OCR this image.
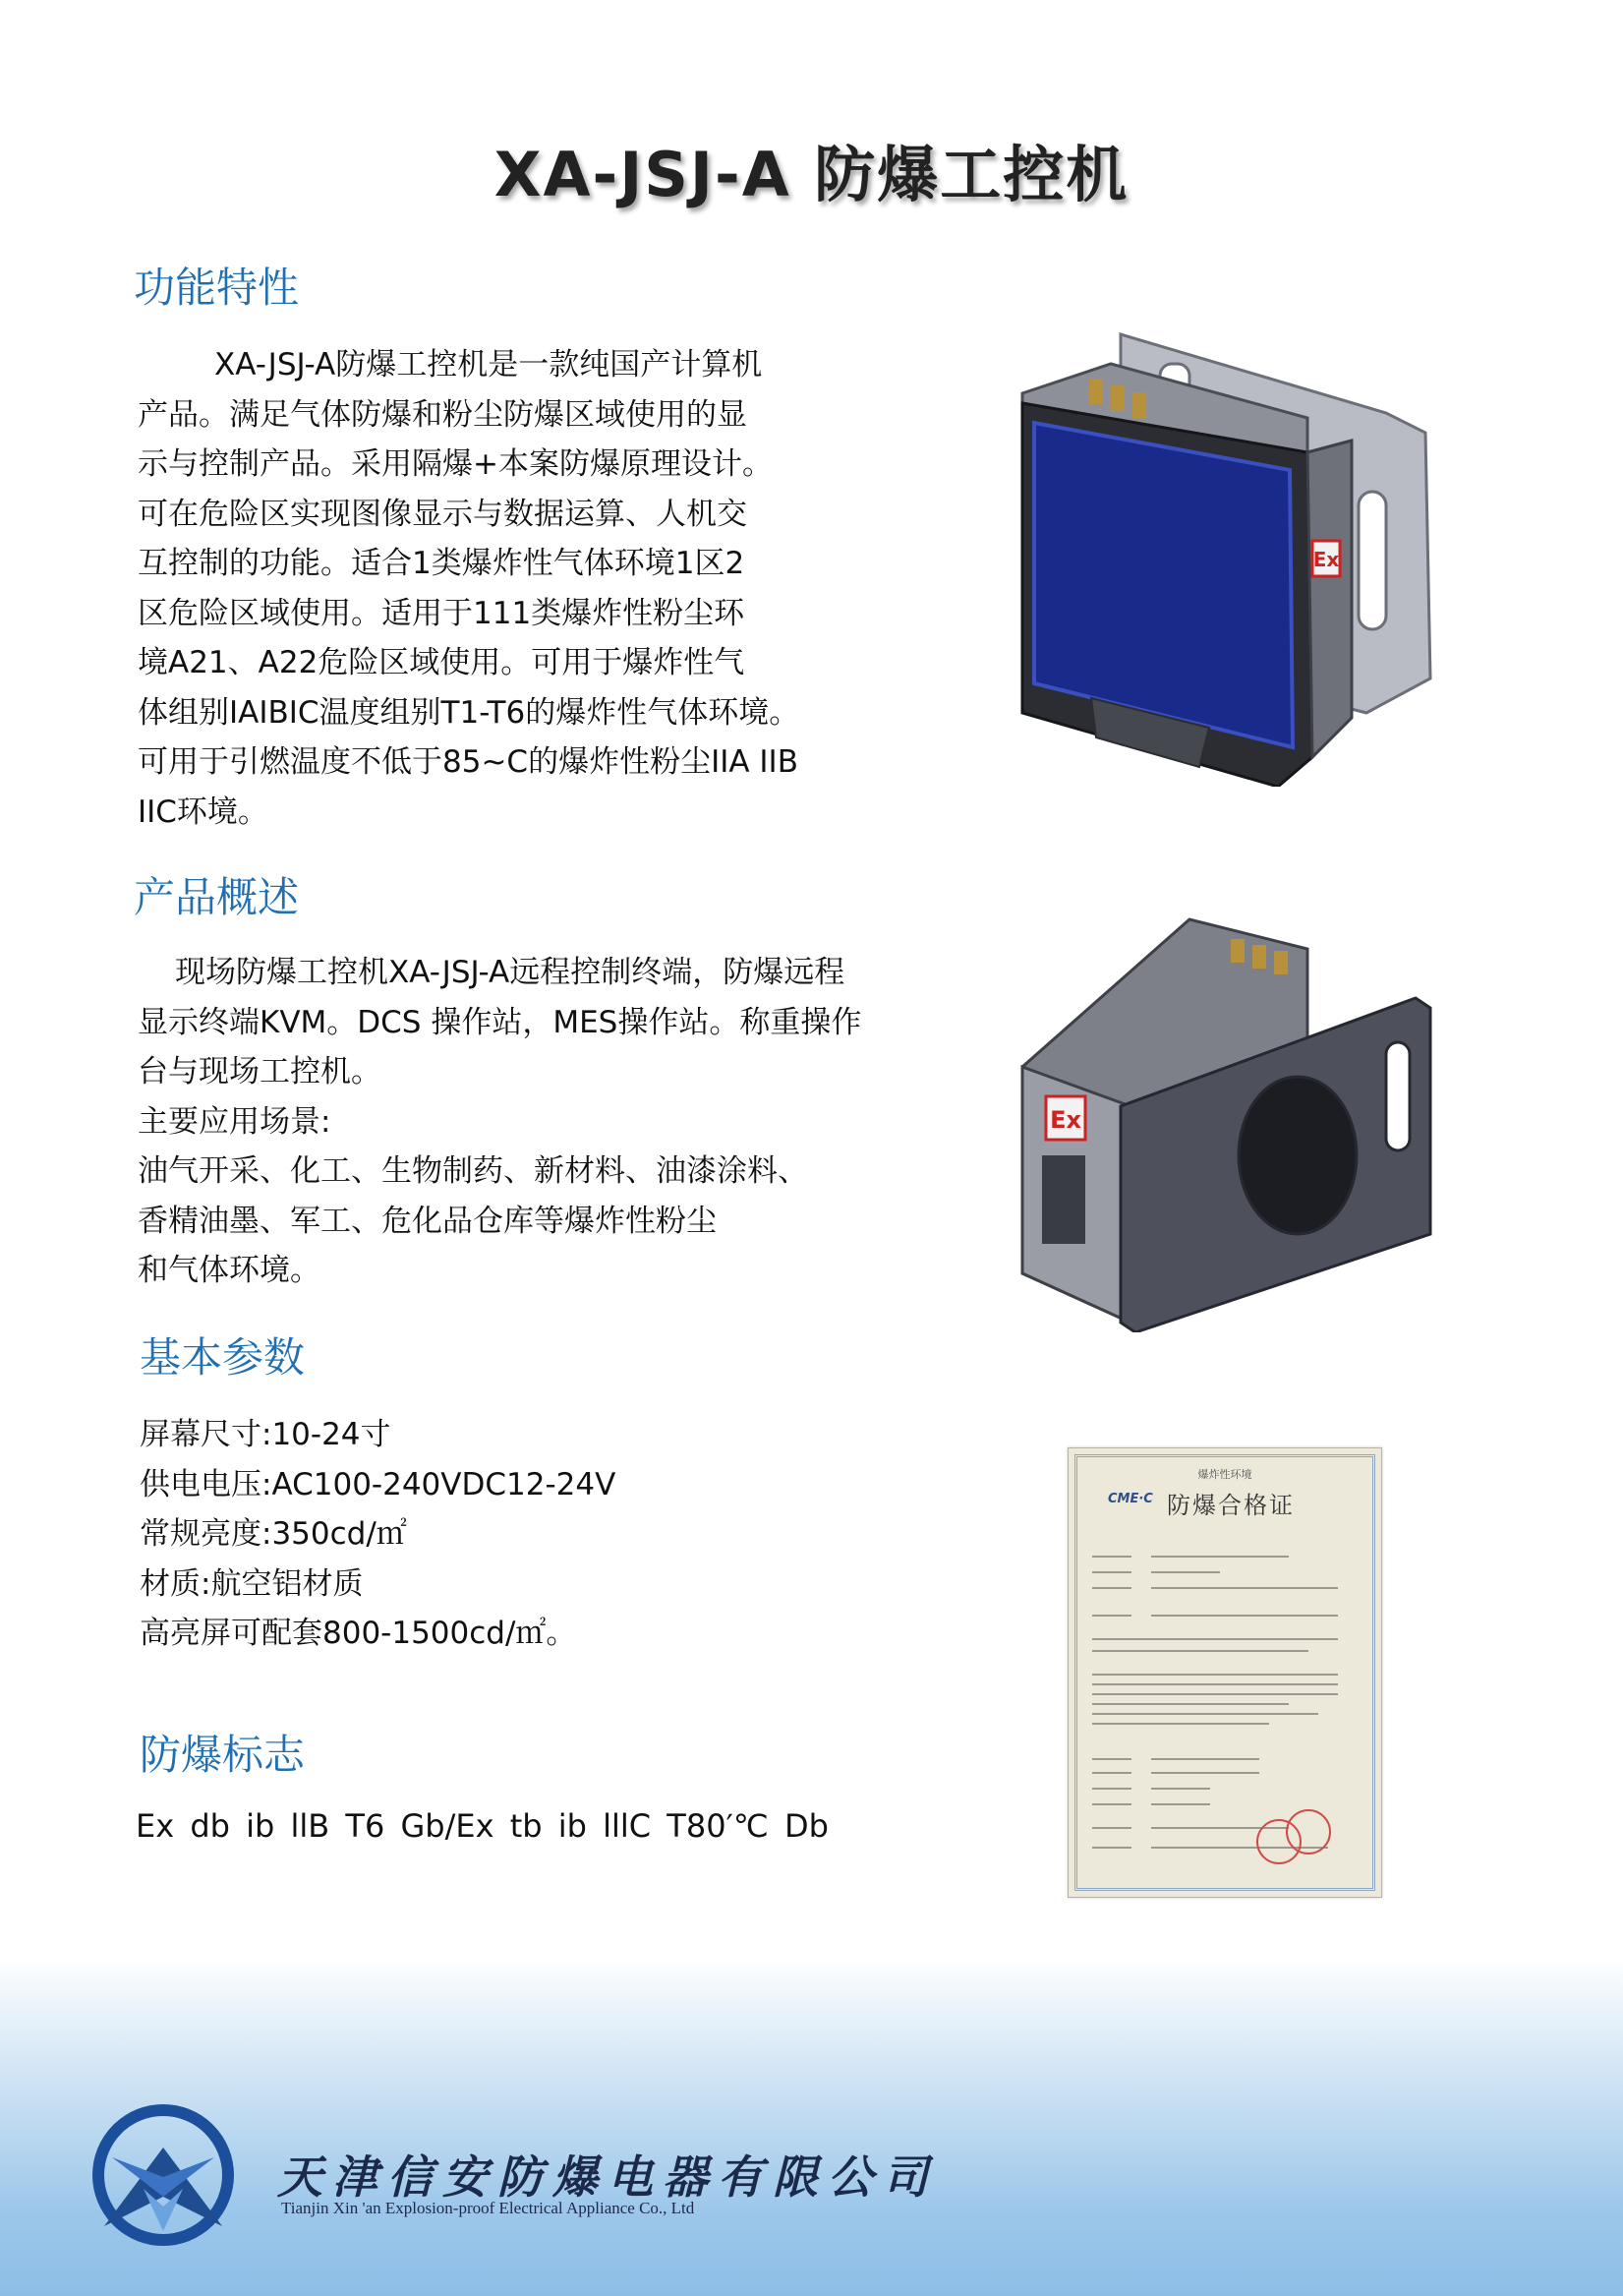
XA-JSJ-A 防爆工控机
功能特性
XA-JSJ-A防爆工控机是一款纯国产计算机
产品。满足气体防爆和粉尘防爆区域使用的显
示与控制产品。采用隔爆+本案防爆原理设计。
可在危险区实现图像显示与数据运算、人机交
互控制的功能。适合1类爆炸性气体环境1区2
区危险区域使用。适用于111类爆炸性粉尘环
境A21、A22危险区域使用。可用于爆炸性气
体组别IAIBIC温度组别T1-T6的爆炸性气体环境。
可用于引燃温度不低于85~C的爆炸性粉尘IIA IIB
IIC环境。
产品概述
现场防爆工控机XA-JSJ-A远程控制终端，防爆远程
显示终端KVM。DCS 操作站，MES操作站。称重操作
台与现场工控机。
主要应用场景:
油气开采、化工、生物制药、新材料、油漆涂料、
香精油墨、军工、危化品仓库等爆炸性粉尘
和气体环境。
基本参数
屏幕尺寸:10-24寸
供电电压:AC100-240VDC12-24V
常规亮度:350cd/㎡
材质:航空铝材质
高亮屏可配套800-1500cd/㎡。
防爆标志
Ex db ib llB T6 Gb/Ex tb ib lllC T80′℃ Db
Ex
Ex
爆炸性环境
CME·C 防爆合格证
天津信安防爆电器有限公司
Tianjin Xin 'an Explosion-proof Electrical Appliance Co., Ltd
